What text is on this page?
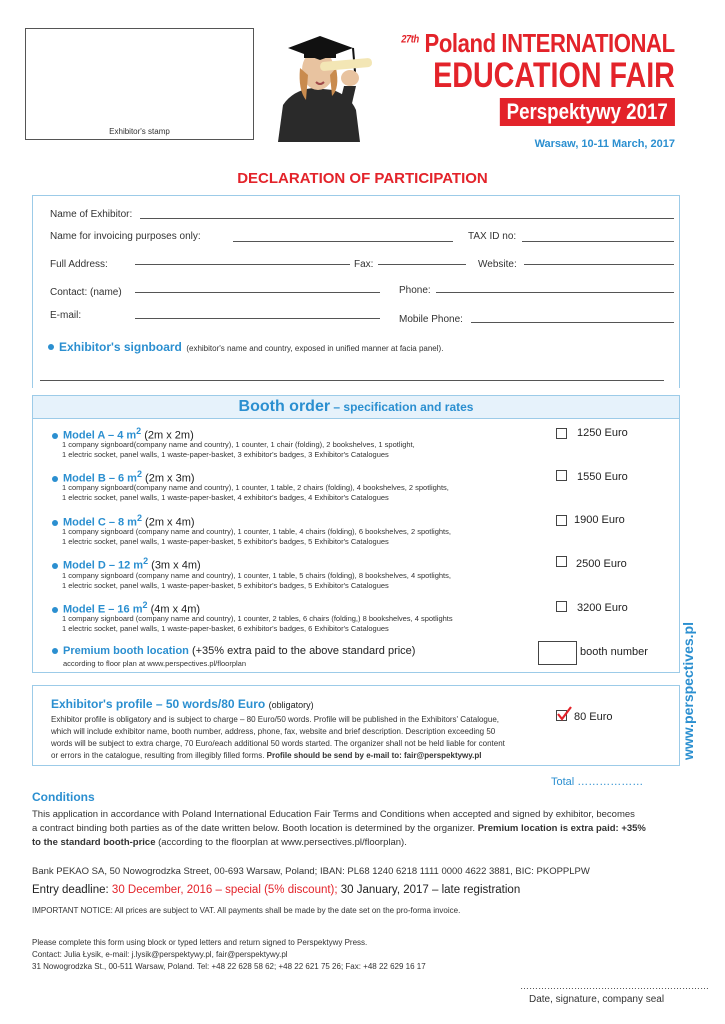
Exhibitor's stamp
$^{27th}$ Poland INTERNATIONAL
EDUCATION FAIR
Perspektywy 2017
Warsaw, 10-11 March, 2017
DECLARATION OF PARTICIPATION
Name of Exhibitor:
Name for invoicing purposes only:	TAX ID no:
Full Address:	Fax:	Website:
Contact: (name)	Phone:
E-mail:	Mobile Phone:
Exhibitor's signboard (exhibitor's name and country, exposed in unified manner at facia panel).
Booth order – specification and rates
Model A – 4 $m^2$ (2m x 2m)
1 company signboard(company name and country), 1 counter, 1 chair (folding), 2 bookshelves, 1 spotlight,
1 electric socket, panel walls, 1 waste-paper-basket, 3 exhibitor's badges, 3 Exhibitor's Catalogues
1250 Euro
Model B – 6 $m^2$ (2m x 3m)
1 company signboard(company name and country), 1 counter, 1 table, 2 chairs (folding), 4 bookshelves, 2 spotlights,
1 electric socket, panel walls, 1 waste-paper-basket, 4 exhibitor's badges, 4 Exhibitor's Catalogues
1550 Euro
Model C – 8 $m^2$ (2m x 4m)
1 company signboard (company name and country), 1 counter, 1 table, 4 chairs (folding), 6 bookshelves, 2 spotlights,
1 electric socket, panel walls, 1 waste-paper-basket, 5 exhibitor's badges, 5 Exhibitor's Catalogues
1900 Euro
Model D – 12 $m^2$ (3m x 4m)
1 company signboard (company name and country), 1 counter, 1 table, 5 chairs (folding), 8 bookshelves, 4 spotlights,
1 electric socket, panel walls, 1 waste-paper-basket, 5 exhibitor's badges, 5 Exhibitor's Catalogues
2500 Euro
Model E – 16 $m^2$ (4m x 4m)
1 company signboard (company name and country), 1 counter, 2 tables, 6 chairs (folding,) 8 bookshelves, 4 spotlights
1 electric socket, panel walls, 1 waste-paper-basket, 6 exhibitor's badges, 6 Exhibitor's Catalogues
3200 Euro
Premium booth location (+35% extra paid to the above standard price)
according to floor plan at www.perspectives.pl/floorplan
booth number
Exhibitor's profile – 50 words/80 Euro (obligatory)
Exhibitor profile is obligatory and is subject to charge – 80 Euro/50 words. Profile will be published in the Exhibitors' Catalogue,
which will include exhibitor name, booth number, address, phone, fax, website and brief description. Description exceeding 50
words will be subject to extra charge, 70 Euro/each additional 50 words started. The organizer shall not be held liable for content
or errors in the catalogue, resulting from illegibly filled forms. Profile should be send by e-mail to: fair@perspektywy.pl
80 Euro	www.perspectives.pl
Total ………………
Conditions
This application in accordance with Poland International Education Fair Terms and Conditions when accepted and signed by exhibitor, becomes
a contract binding both parties as of the date written below. Booth location is determined by the organizer. Premium location is extra paid: +35%
to the standard booth-price (according to the floorplan at www.persectives.pl/floorplan).
Bank PEKAO SA, 50 Nowogrodzka Street, 00-693 Warsaw, Poland; IBAN: PL68 1240 6218 1111 0000 4622 3881, BIC: PKOPPLPW
Entry deadline: 30 December, 2016 – special (5% discount); 30 January, 2017 – late registration
IMPORTANT NOTICE: All prices are subject to VAT. All payments shall be made by the date set on the pro-forma invoice.
Please complete this form using block or typed letters and return signed to Perspektywy Press.
Contact: Julia Łysik, e-mail: j.lysik@perspektywy.pl, fair@perspektywy.pl
31 Nowogrodzka St., 00-511 Warsaw, Poland. Tel: +48 22 628 58 62; +48 22 621 75 26; Fax: +48 22 629 16 17
………………………………………………………
Date, signature, company seal
